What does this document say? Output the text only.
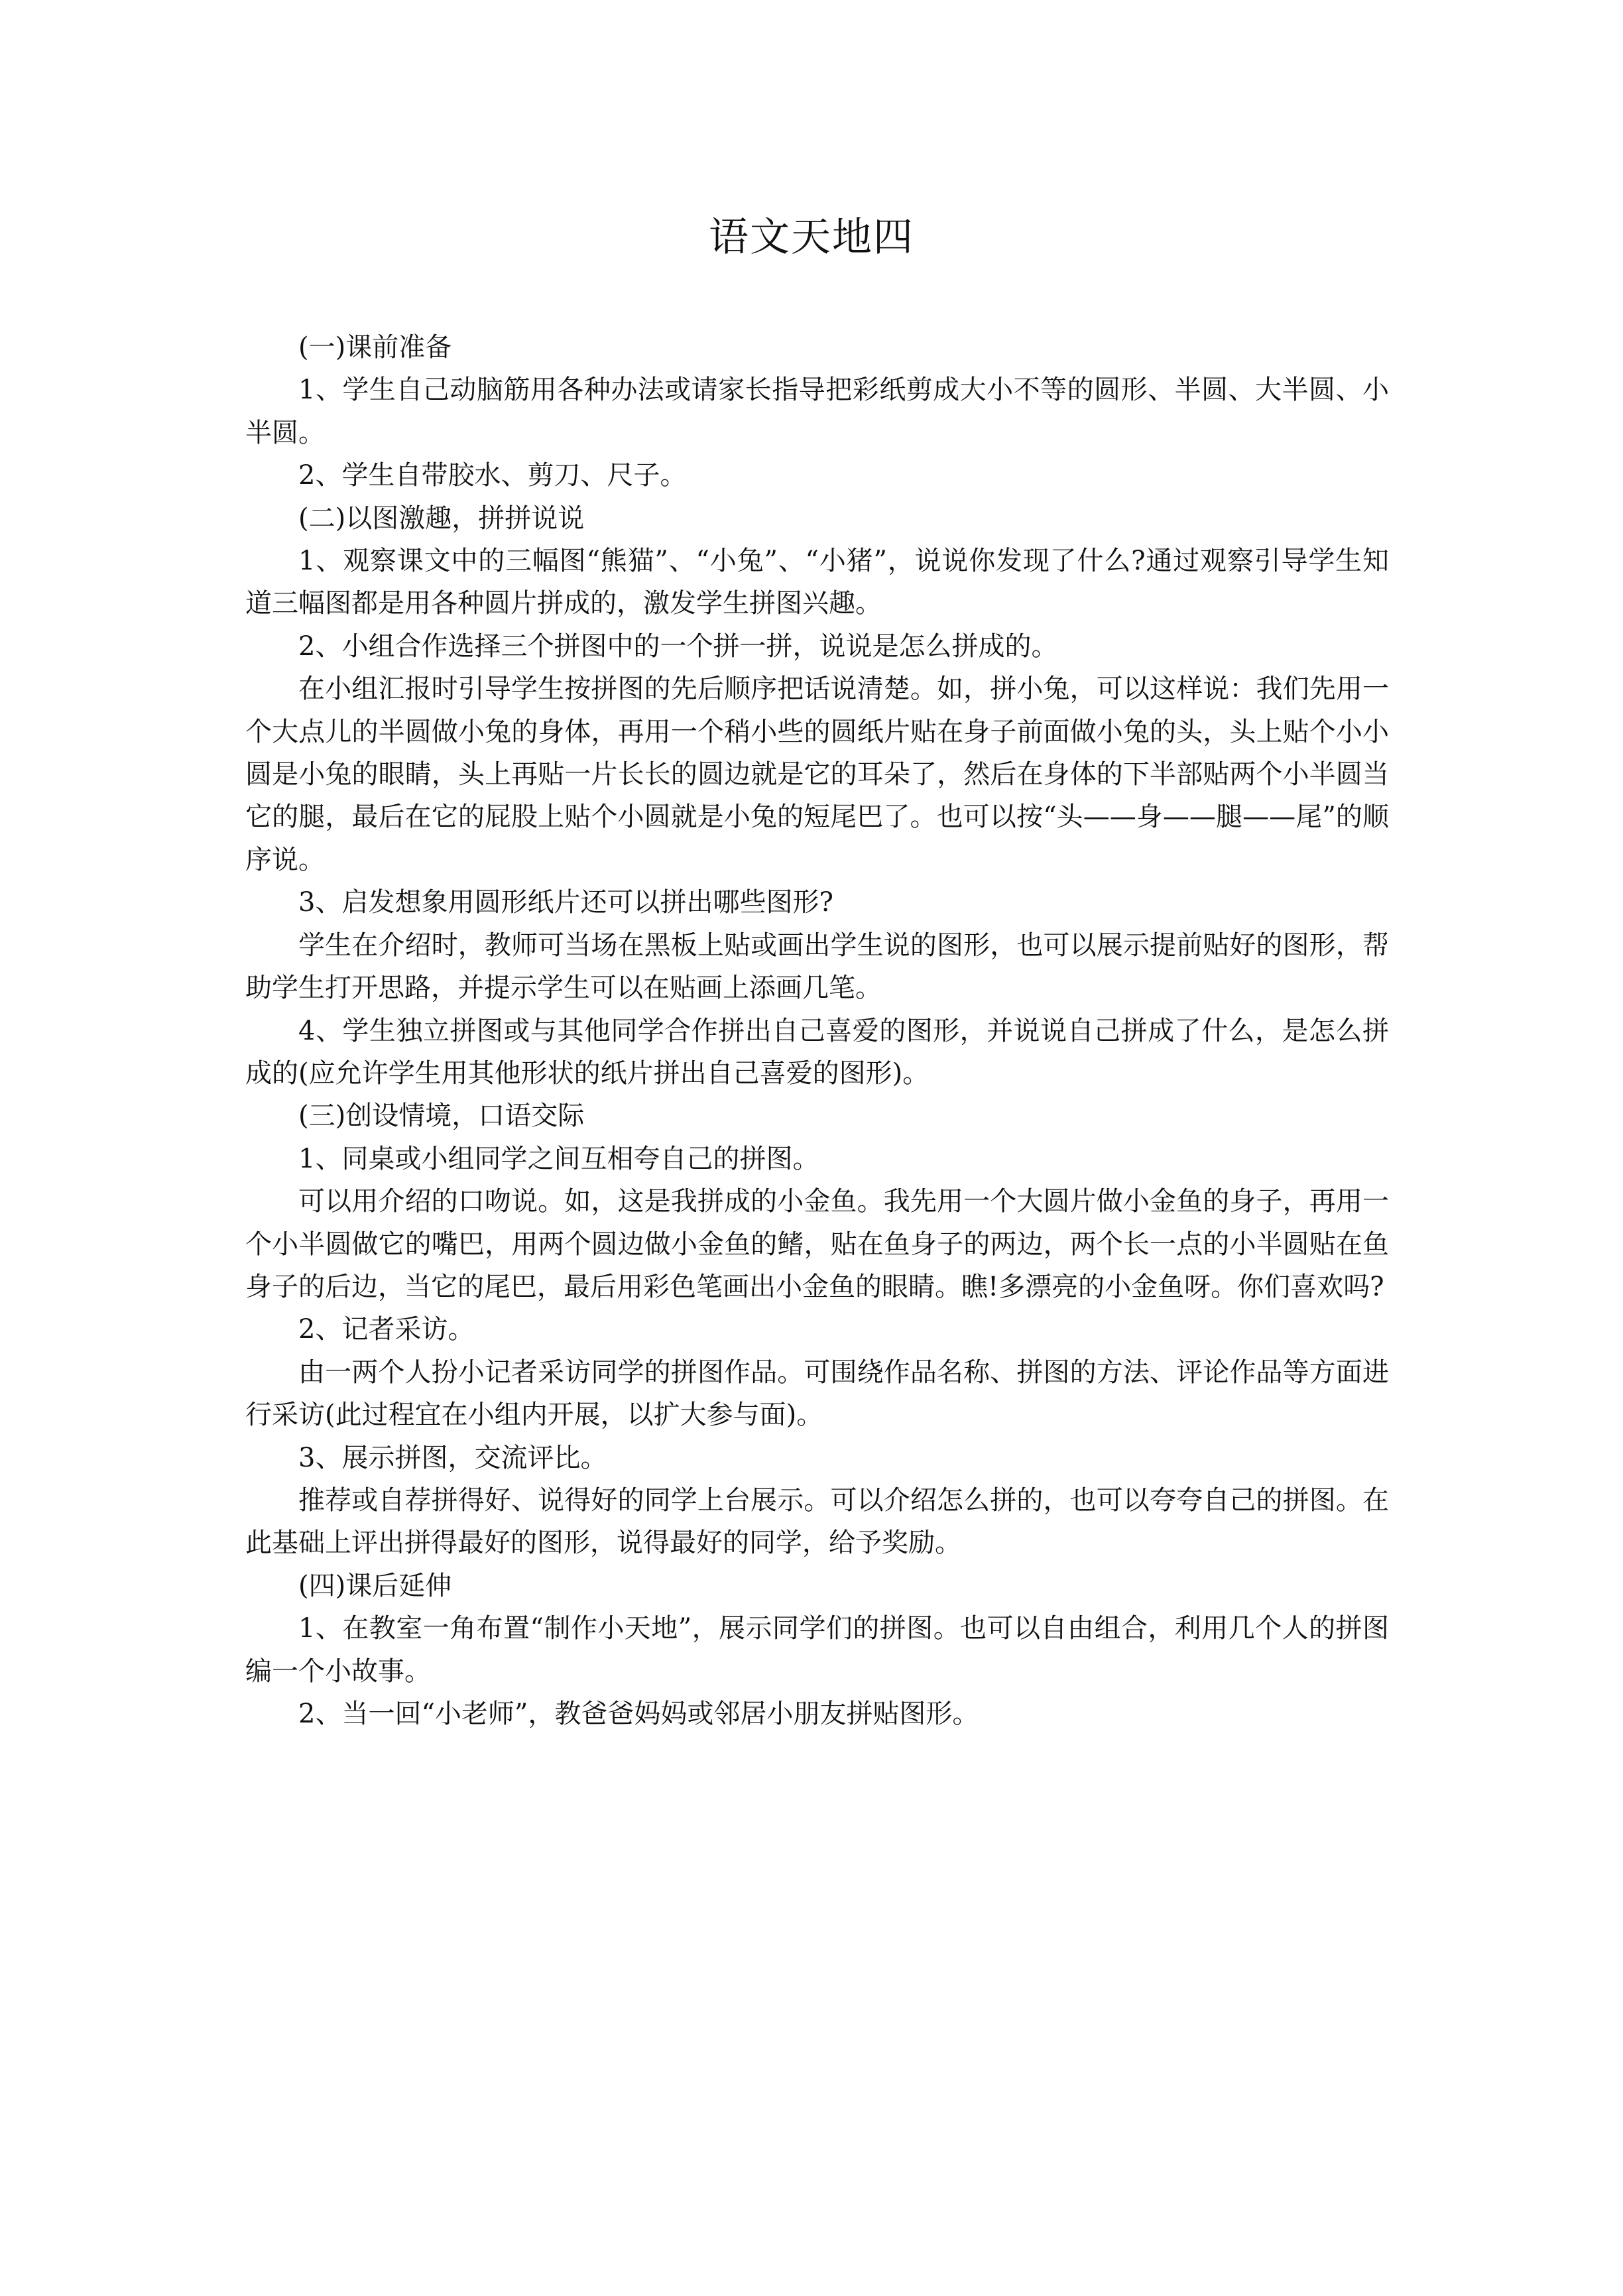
语文天地四

(一)课前准备

1、学生自己动脑筋用各种办法或请家长指导把彩纸剪成大小不等的圆形、半圆、大半圆、小半圆。

2、学生自带胶水、剪刀、尺子。

(二)以图激趣，拼拼说说

1、观察课文中的三幅图“熊猫”、“小兔”、“小猪”，说说你发现了什么?通过观察引导学生知道三幅图都是用各种圆片拼成的，激发学生拼图兴趣。

2、小组合作选择三个拼图中的一个拼一拼，说说是怎么拼成的。

在小组汇报时引导学生按拼图的先后顺序把话说清楚。如，拼小兔，可以这样说：我们先用一个大点儿的半圆做小兔的身体，再用一个稍小些的圆纸片贴在身子前面做小兔的头，头上贴个小小圆是小兔的眼睛，头上再贴一片长长的圆边就是它的耳朵了，然后在身体的下半部贴两个小半圆当它的腿，最后在它的屁股上贴个小圆就是小兔的短尾巴了。也可以按“头——身——腿——尾”的顺序说。

3、启发想象用圆形纸片还可以拼出哪些图形?

学生在介绍时，教师可当场在黑板上贴或画出学生说的图形，也可以展示提前贴好的图形，帮助学生打开思路，并提示学生可以在贴画上添画几笔。

4、学生独立拼图或与其他同学合作拼出自己喜爱的图形，并说说自己拼成了什么，是怎么拼成的(应允许学生用其他形状的纸片拼出自己喜爱的图形)。

(三)创设情境，口语交际

1、同桌或小组同学之间互相夸自己的拼图。

可以用介绍的口吻说。如，这是我拼成的小金鱼。我先用一个大圆片做小金鱼的身子，再用一个小半圆做它的嘴巴，用两个圆边做小金鱼的鳍，贴在鱼身子的两边，两个长一点的小半圆贴在鱼身子的后边，当它的尾巴，最后用彩色笔画出小金鱼的眼睛。瞧!多漂亮的小金鱼呀。你们喜欢吗?

2、记者采访。

由一两个人扮小记者采访同学的拼图作品。可围绕作品名称、拼图的方法、评论作品等方面进行采访(此过程宜在小组内开展，以扩大参与面)。

3、展示拼图，交流评比。

推荐或自荐拼得好、说得好的同学上台展示。可以介绍怎么拼的，也可以夸夸自己的拼图。在此基础上评出拼得最好的图形，说得最好的同学，给予奖励。

(四)课后延伸

1、在教室一角布置“制作小天地”，展示同学们的拼图。也可以自由组合，利用几个人的拼图编一个小故事。

2、当一回“小老师”，教爸爸妈妈或邻居小朋友拼贴图形。
